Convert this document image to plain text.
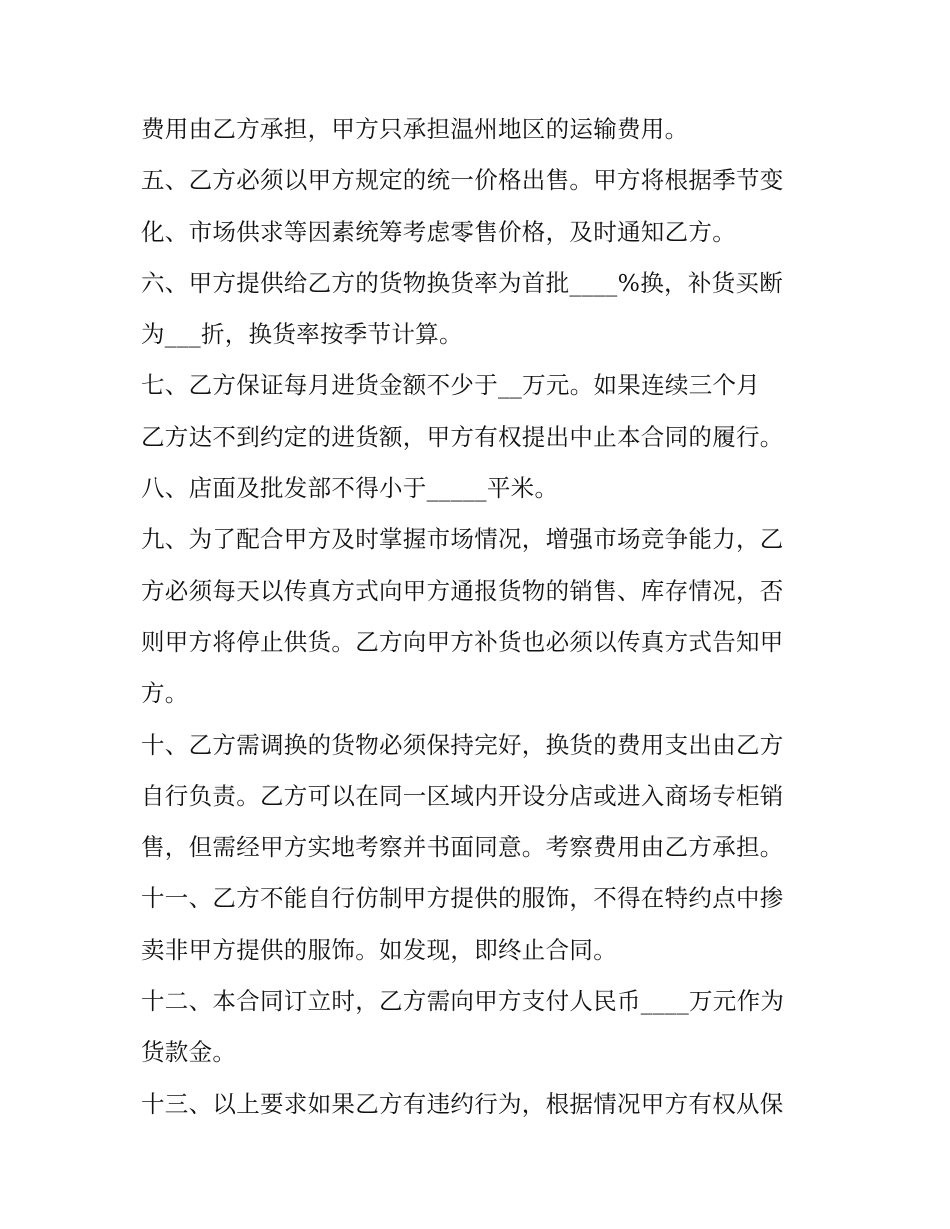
费用由乙方承担，甲方只承担温州地区的运输费用。
五、乙方必须以甲方规定的统一价格出售。甲方将根据季节变
化、市场供求等因素统筹考虑零售价格，及时通知乙方。
六、甲方提供给乙方的货物换货率为首批____%换，补货买断
为___折，换货率按季节计算。
七、乙方保证每月进货金额不少于__万元。如果连续三个月
乙方达不到约定的进货额，甲方有权提出中止本合同的履行。
八、店面及批发部不得小于_____平米。
九、为了配合甲方及时掌握市场情况，增强市场竞争能力，乙
方必须每天以传真方式向甲方通报货物的销售、库存情况，否
则甲方将停止供货。乙方向甲方补货也必须以传真方式告知甲
方。
十、乙方需调换的货物必须保持完好，换货的费用支出由乙方
自行负责。乙方可以在同一区域内开设分店或进入商场专柜销
售，但需经甲方实地考察并书面同意。考察费用由乙方承担。
十一、乙方不能自行仿制甲方提供的服饰，不得在特约点中掺
卖非甲方提供的服饰。如发现，即终止合同。
十二、本合同订立时，乙方需向甲方支付人民币____万元作为
货款金。
十三、以上要求如果乙方有违约行为，根据情况甲方有权从保
